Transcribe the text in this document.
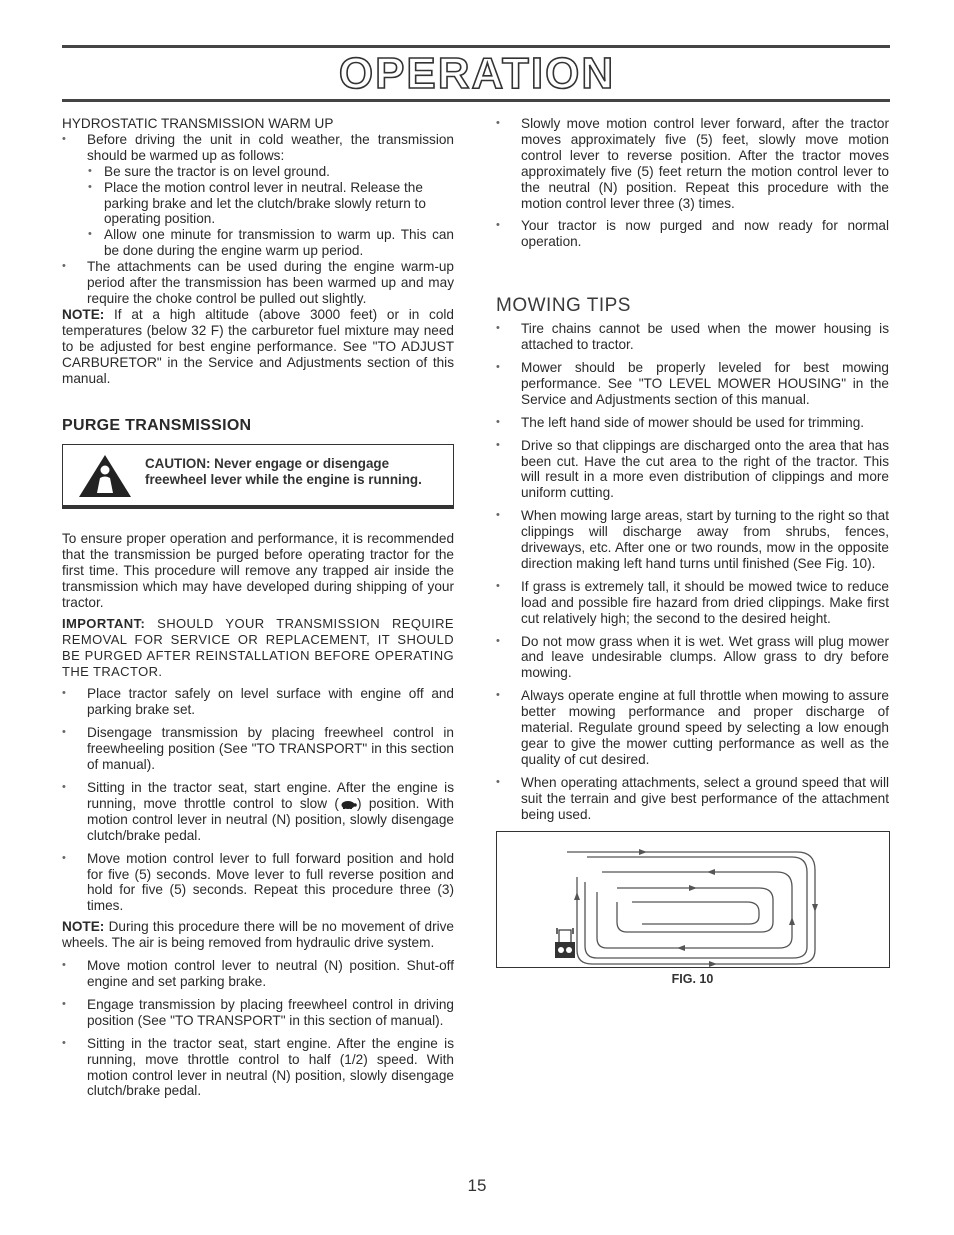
OPERATION

HYDROSTATIC TRANSMISSION WARM UP

• Before driving the unit in cold weather, the transmission should be warmed up as follows:

• Be sure the tractor is on level ground.

• Place the motion control lever in neutral. Release the parking brake and let the clutch/brake slowly return to operating position.

• Allow one minute for transmission to warm up. This can be done during the engine warm up period.

• The attachments can be used during the engine warm-up period after the transmission has been warmed up and may require the choke control be pulled out slightly.

NOTE: If at a high altitude (above 3000 feet) or in cold temperatures (below 32 F) the carburetor fuel mixture may need to be adjusted for best engine performance. See "TO ADJUST CARBURETOR" in the Service and Adjustments section of this manual.

PURGE TRANSMISSION

CAUTION: Never engage or disengage freewheel lever while the engine is running.

To ensure proper operation and performance, it is recommended that the transmission be purged before operating tractor for the first time. This procedure will remove any trapped air inside the transmission which may have developed during shipping of your tractor.

IMPORTANT: SHOULD YOUR TRANSMISSION REQUIRE REMOVAL FOR SERVICE OR REPLACEMENT, IT SHOULD BE PURGED AFTER REINSTALLATION BEFORE OPERATING THE TRACTOR.

• Place tractor safely on level surface with engine off and parking brake set.

• Disengage transmission by placing freewheel control in freewheeling position (See "TO TRANSPORT" in this section of manual).

• Sitting in the tractor seat, start engine. After the engine is running, move throttle control to slow ( ) position. With motion control lever in neutral (N) position, slowly disengage clutch/brake pedal.

• Move motion control lever to full forward position and hold for five (5) seconds. Move lever to full reverse position and hold for five (5) seconds. Repeat this procedure three (3) times.

NOTE: During this procedure there will be no movement of drive wheels. The air is being removed from hydraulic drive system.

• Move motion control lever to neutral (N) position. Shut-off engine and set parking brake.

• Engage transmission by placing freewheel control in driving position (See "TO TRANSPORT" in this section of manual).

• Sitting in the tractor seat, start engine. After the engine is running, move throttle control to half (1/2) speed. With motion control lever in neutral (N) position, slowly disengage clutch/brake pedal.

• Slowly move motion control lever forward, after the tractor moves approximately five (5) feet, slowly move motion control lever to reverse position. After the tractor moves approximately five (5) feet return the motion control lever to the neutral (N) position. Repeat this procedure with the motion control lever three (3) times.

• Your tractor is now purged and now ready for normal operation.

MOWING TIPS

• Tire chains cannot be used when the mower housing is attached to tractor.

• Mower should be properly leveled for best mowing performance. See "TO LEVEL MOWER HOUSING" in the Service and Adjustments section of this manual.

• The left hand side of mower should be used for trimming.

• Drive so that clippings are discharged onto the area that has been cut. Have the cut area to the right of the tractor. This will result in a more even distribution of clippings and more uniform cutting.

• When mowing large areas, start by turning to the right so that clippings will discharge away from shrubs, fences, driveways, etc. After one or two rounds, mow in the opposite direction making left hand turns until finished (See Fig. 10).

• If grass is extremely tall, it should be mowed twice to reduce load and possible fire hazard from dried clippings. Make first cut relatively high; the second to the desired height.

• Do not mow grass when it is wet. Wet grass will plug mower and leave undesirable clumps. Allow grass to dry before mowing.

• Always operate engine at full throttle when mowing to assure better mowing performance and proper discharge of material. Regulate ground speed by selecting a low enough gear to give the mower cutting performance as well as the quality of cut desired.

• When operating attachments, select a ground speed that will suit the terrain and give best performance of the attachment being used.

FIG. 10

15
